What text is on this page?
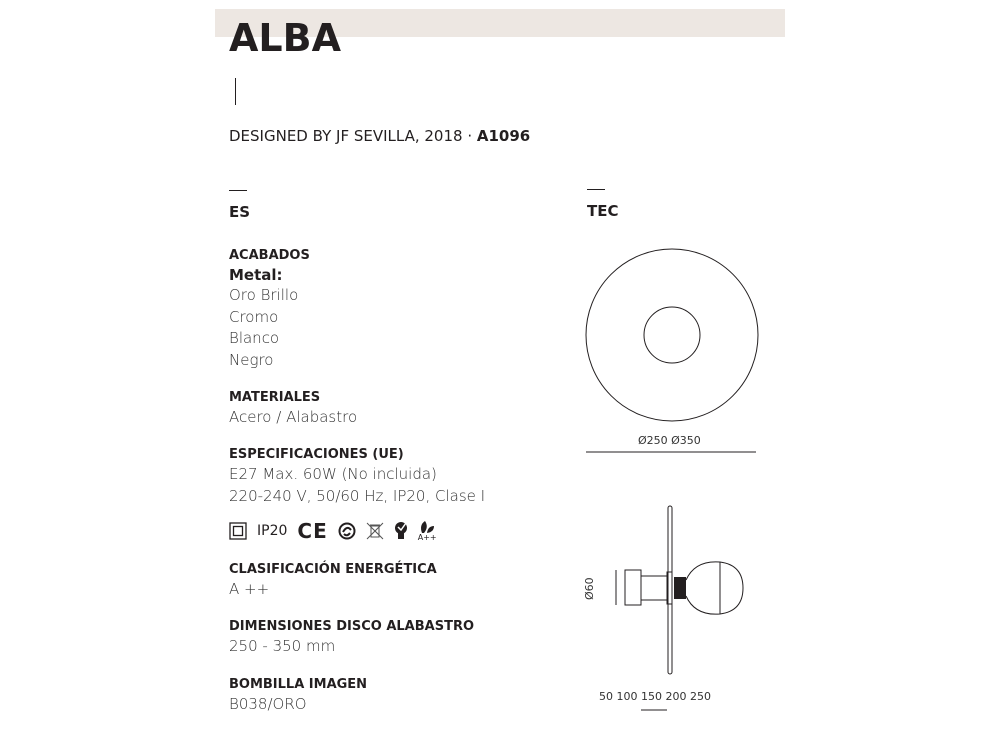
ALBA
DESIGNED BY JF SEVILLA, 2018 · A1096
ES
ACABADOS
Metal:
Oro Brillo
Cromo
Blanco
Negro
MATERIALES
Acero / Alabastro
ESPECIFICACIONES (UE)
E27 Max. 60W (No incluida)
220-240 V, 50/60 Hz, IP20, Clase I
IP20 CE	A++
CLASIFICACIÓN ENERGÉTICA
A ++
DIMENSIONES DISCO ALABASTRO
250 - 350 mm
BOMBILLA IMAGEN
B038/ORO
TEC
Ø250 Ø350
Ø60
50 100 150 200 250
